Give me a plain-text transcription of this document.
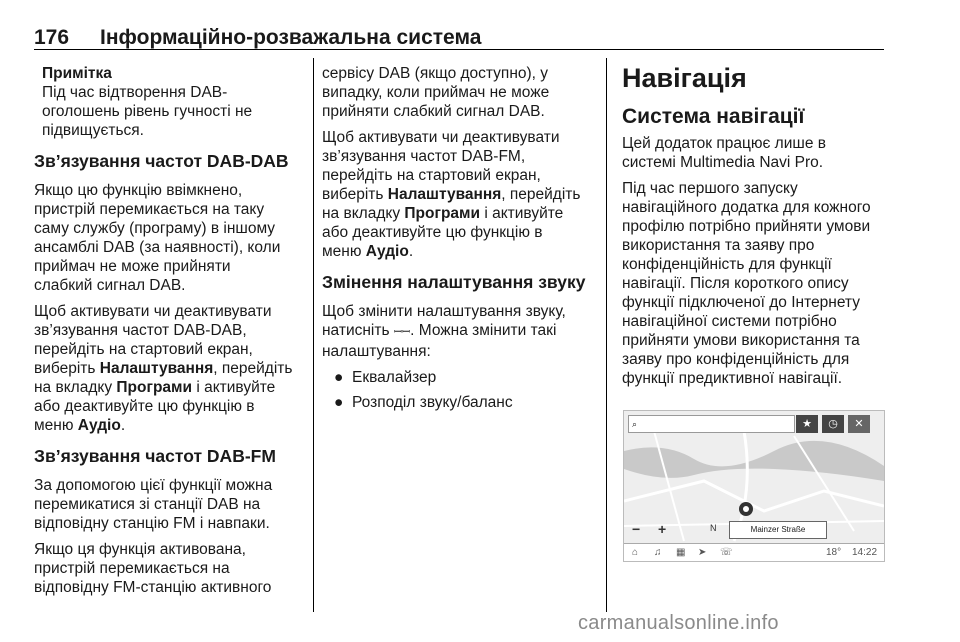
176 Інформаційно-розважальна система
Примітка
Під час відтворення DAB-
оголошень рівень гучності не
підвищується.
Зв’язування частот DAB-DAB

Якщо цю функцію ввімкнено,
пристрій перемикається на таку
саму службу (програму) в іншому
ансамблі DAB (за наявності), коли
приймач не може прийняти
слабкий сигнал DAB.

Щоб активувати чи деактивувати
зв’язування частот DAB-DAB,
перейдіть на стартовий екран,
виберіть Налаштування, перейдіть
на вкладку Програми і активуйте
або деактивуйте цю функцію в
меню Аудіо.

Зв’язування частот DAB-FM

За допомогою цієї функції можна
перемикатися зі станції DAB на
відповідну станцію FM і навпаки.

Якщо ця функція активована,
пристрій перемикається на
відповідну FM-станцію активного

сервісу DAB (якщо доступно), у
випадку, коли приймач не може
прийняти слабкий сигнал DAB.

Щоб активувати чи деактивувати
зв’язування частот DAB-FM,
перейдіть на стартовий екран,
виберіть Налаштування, перейдіть
на вкладку Програми і активуйте
або деактивуйте цю функцію в
меню Аудіо.

Змінення налаштування звуку

Щоб змінити налаштування звуку,
натисніть ꟷꟷ. Можна змінити такі
налаштування:

● Еквалайзер
● Розподіл звуку/баланс
Навігація
Система навігації

Цей додаток працює лише в
системі Multimedia Navi Pro.

Під час першого запуску
навігаційного додатка для кожного
профілю потрібно прийняти умови
використання та заяву про
конфіденційність для функції
навігації. Після короткого опису
функції підключеної до Інтернету
навігаційної системи потрібно
прийняти умови використання та
заяву про конфіденційність для
функції предиктивної навігації.

⌕	★	◷	✕
− +	N	Mainzer Straße
⌂ ♫ ▦ ➤ ☏	18° 14:22
carmanualsonline.info
